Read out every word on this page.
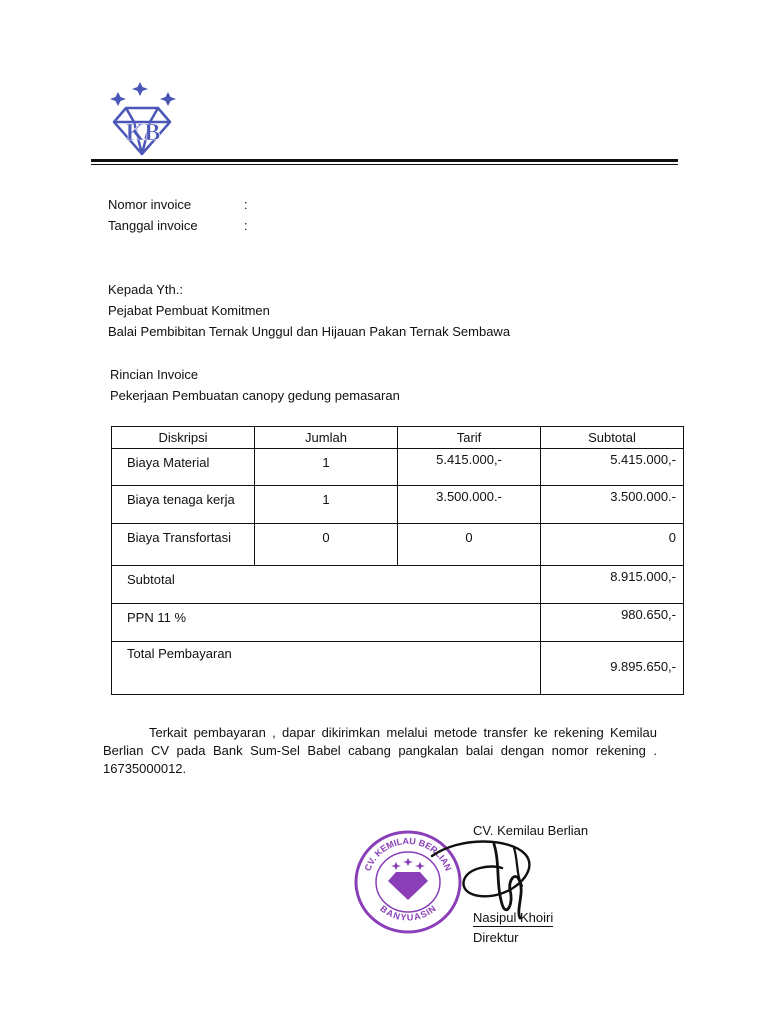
KB
Nomor invoice	:
Tanggal invoice	:
Kepada Yth.:
Pejabat Pembuat Komitmen
Balai Pembibitan Ternak Unggul dan Hijauan Pakan Ternak Sembawa
Rincian Invoice
Pekerjaan Pembuatan canopy gedung pemasaran
Diskripsi	Jumlah	Tarif	Subtotal
Biaya Material	1	5.415.000,-	5.415.000,-
Biaya tenaga kerja	1	3.500.000.-	3.500.000.-
Biaya Transfortasi	0	0	0
Subtotal			8.915.000,-
PPN 11 %			980.650,-
Total Pembayaran			9.895.650,-
Terkait pembayaran , dapar dikirimkan melalui metode transfer ke rekening Kemilau Berlian CV pada Bank Sum-Sel Babel cabang pangkalan balai dengan nomor rekening . 16735000012.
CV. Kemilau Berlian
CV. KEMILAU BERLIAN
BANYUASIN
Nasipul Khoiri
Direktur
